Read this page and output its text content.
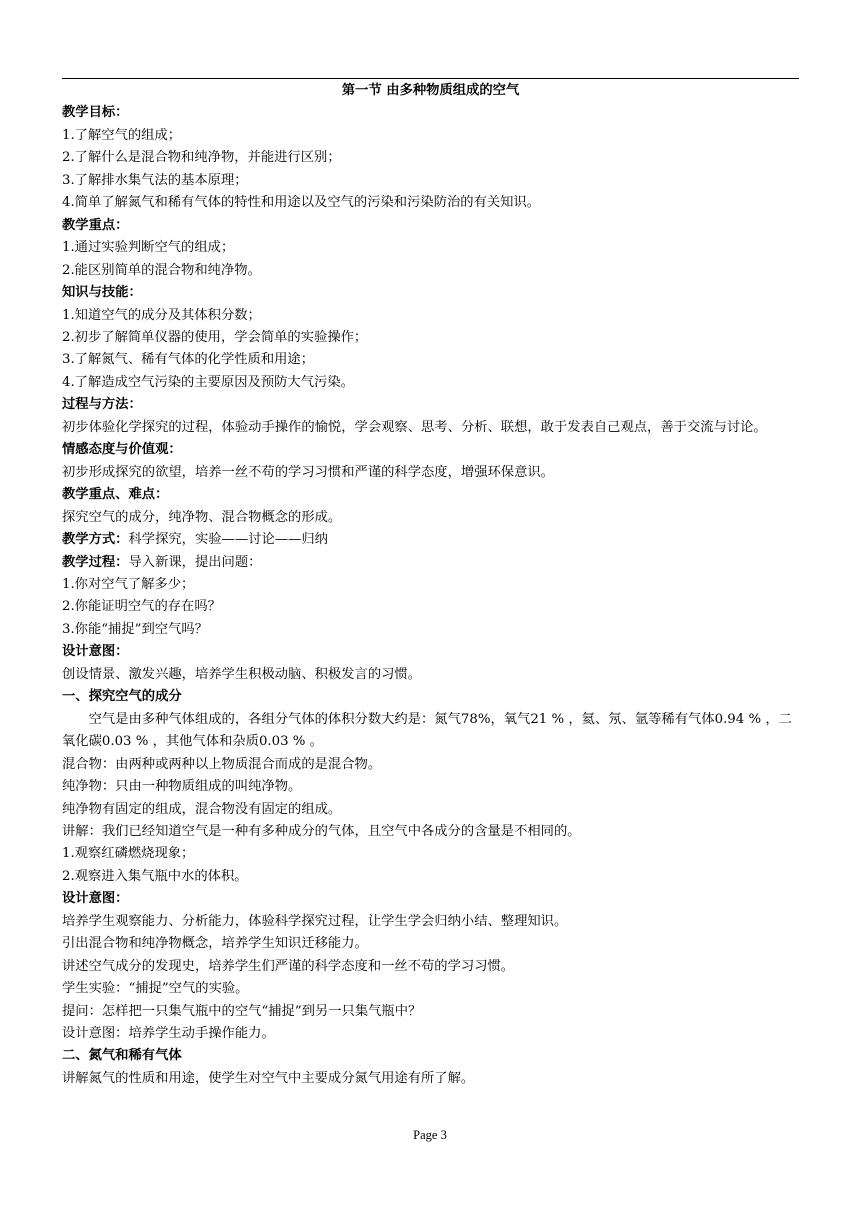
第一节 由多种物质组成的空气

教学目标：

1.了解空气的组成；

2.了解什么是混合物和纯净物，并能进行区别；

3.了解排水集气法的基本原理；

4.简单了解氮气和稀有气体的特性和用途以及空气的污染和污染防治的有关知识。

教学重点：

1.通过实验判断空气的组成；

2.能区别简单的混合物和纯净物。

知识与技能：

1.知道空气的成分及其体积分数；

2.初步了解简单仪器的使用，学会简单的实验操作；

3.了解氮气、稀有气体的化学性质和用途；

4.了解造成空气污染的主要原因及预防大气污染。

过程与方法：

初步体验化学探究的过程，体验动手操作的愉悦，学会观察、思考、分析、联想，敢于发表自己观点，善于交流与讨论。

情感态度与价值观：

初步形成探究的欲望，培养一丝不苟的学习习惯和严谨的科学态度，增强环保意识。

教学重点、难点：

探究空气的成分，纯净物、混合物概念的形成。

教学方式：科学探究，实验——讨论——归纳

教学过程：导入新课，提出问题：

1.你对空气了解多少；

2.你能证明空气的存在吗？

3.你能“捕捉”到空气吗？

设计意图：

创设情景、激发兴趣，培养学生积极动脑、积极发言的习惯。

一、探究空气的成分

空气是由多种气体组成的，各组分气体的体积分数大约是：氮气78%，氧气21 % ，氦、氖、氩等稀有气体0.94 % ，二氧化碳0.03 % ，其他气体和杂质0.03 % 。

混合物：由两种或两种以上物质混合而成的是混合物。

纯净物：只由一种物质组成的叫纯净物。

纯净物有固定的组成，混合物没有固定的组成。

讲解：我们已经知道空气是一种有多种成分的气体，且空气中各成分的含量是不相同的。

1.观察红磷燃烧现象；

2.观察进入集气瓶中水的体积。

设计意图：

培养学生观察能力、分析能力，体验科学探究过程，让学生学会归纳小结、整理知识。

引出混合物和纯净物概念，培养学生知识迁移能力。

讲述空气成分的发现史，培养学生们严谨的科学态度和一丝不苟的学习习惯。

学生实验：“捕捉”空气的实验。

提问：怎样把一只集气瓶中的空气“捕捉”到另一只集气瓶中？

设计意图：培养学生动手操作能力。

二、氮气和稀有气体

讲解氮气的性质和用途，使学生对空气中主要成分氮气用途有所了解。

Page 3
